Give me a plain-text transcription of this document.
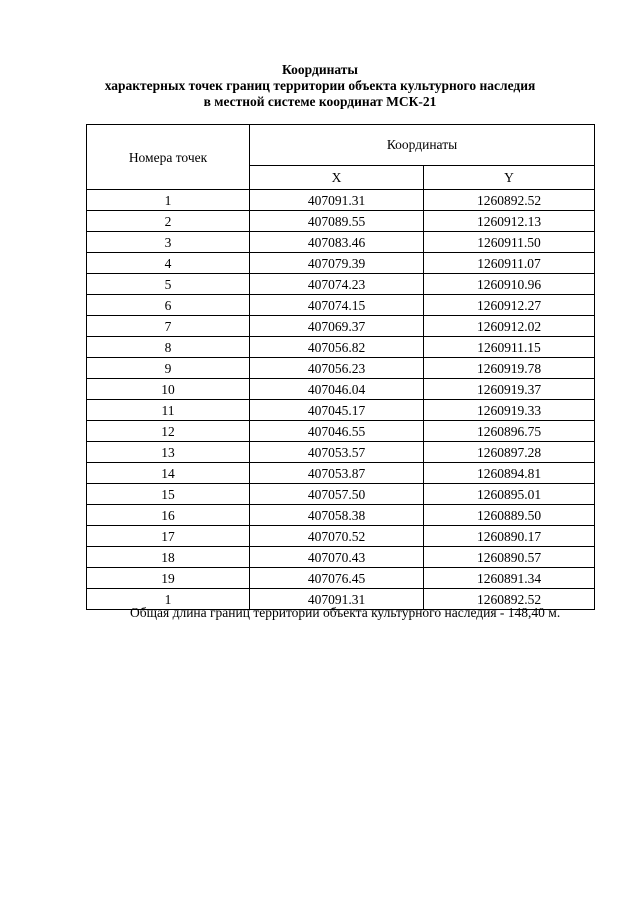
Координаты
характерных точек границ территории объекта культурного наследия
в местной системе координат МСК-21
Номера точек	Координаты	
	X	Y
1	407091.31	1260892.52
2	407089.55	1260912.13
3	407083.46	1260911.50
4	407079.39	1260911.07
5	407074.23	1260910.96
6	407074.15	1260912.27
7	407069.37	1260912.02
8	407056.82	1260911.15
9	407056.23	1260919.78
10	407046.04	1260919.37
11	407045.17	1260919.33
12	407046.55	1260896.75
13	407053.57	1260897.28
14	407053.87	1260894.81
15	407057.50	1260895.01
16	407058.38	1260889.50
17	407070.52	1260890.17
18	407070.43	1260890.57
19	407076.45	1260891.34
1	407091.31	1260892.52
Общая длина границ территории объекта культурного наследия - 148,40 м.
